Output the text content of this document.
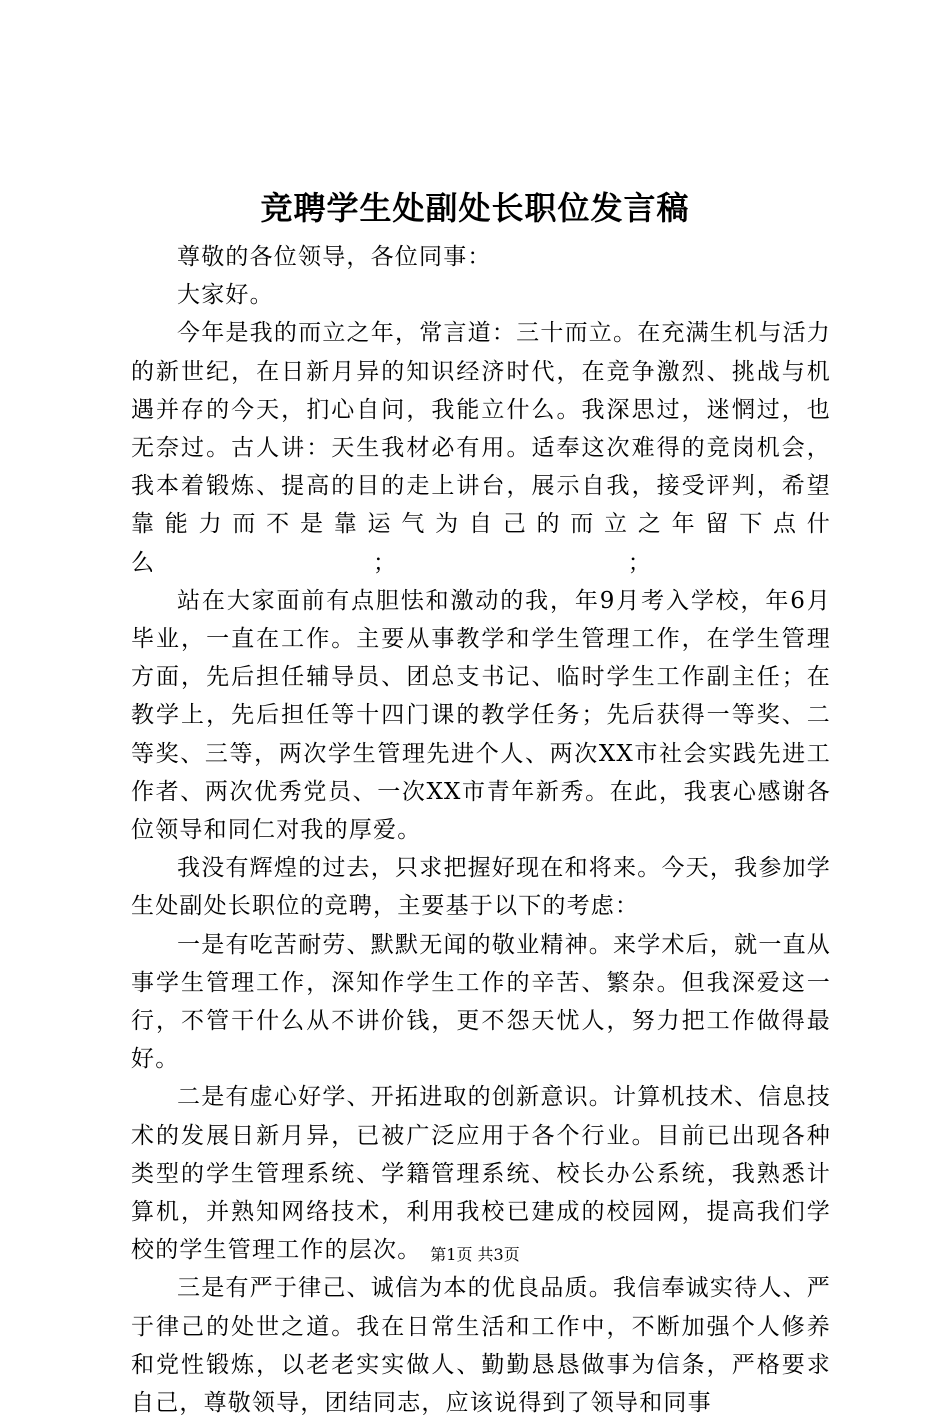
竞聘学生处副处长职位发言稿

尊敬的各位领导，各位同事：

大家好。

今年是我的而立之年，常言道：三十而立。在充满生机与活力的新世纪，在日新月异的知识经济时代，在竞争激烈、挑战与机遇并存的今天，扪心自问，我能立什么。我深思过，迷惘过，也无奈过。古人讲：天生我材必有用。适奉这次难得的竞岗机会，我本着锻炼、提高的目的走上讲台，展示自我，接受评判，希望靠能力而不是靠运气为自己的而立之年留下点什么　　　　　　　　　；　　　　　　　　　　；

站在大家面前有点胆怯和激动的我，年9月考入学校，年6月毕业，一直在工作。主要从事教学和学生管理工作，在学生管理方面，先后担任辅导员、团总支书记、临时学生工作副主任；在教学上，先后担任等十四门课的教学任务；先后获得一等奖、二等奖、三等，两次学生管理先进个人、两次XX市社会实践先进工作者、两次优秀党员、一次XX市青年新秀。在此，我衷心感谢各位领导和同仁对我的厚爱。

我没有辉煌的过去，只求把握好现在和将来。今天，我参加学生处副处长职位的竞聘，主要基于以下的考虑：

一是有吃苦耐劳、默默无闻的敬业精神。来学术后，就一直从事学生管理工作，深知作学生工作的辛苦、繁杂。但我深爱这一行，不管干什么从不讲价钱，更不怨天忧人，努力把工作做得最好。

二是有虚心好学、开拓进取的创新意识。计算机技术、信息技术的发展日新月异，已被广泛应用于各个行业。目前已出现各种类型的学生管理系统、学籍管理系统、校长办公系统，我熟悉计算机，并熟知网络技术，利用我校已建成的校园网，提高我们学校的学生管理工作的层次。

三是有严于律己、诚信为本的优良品质。我信奉诚实待人、严于律己的处世之道。我在日常生活和工作中，不断加强个人修养和党性锻炼，以老老实实做人、勤勤恳恳做事为信条，严格要求自己，尊敬领导，团结同志，应该说得到了领导和同事

第1页 共3页
